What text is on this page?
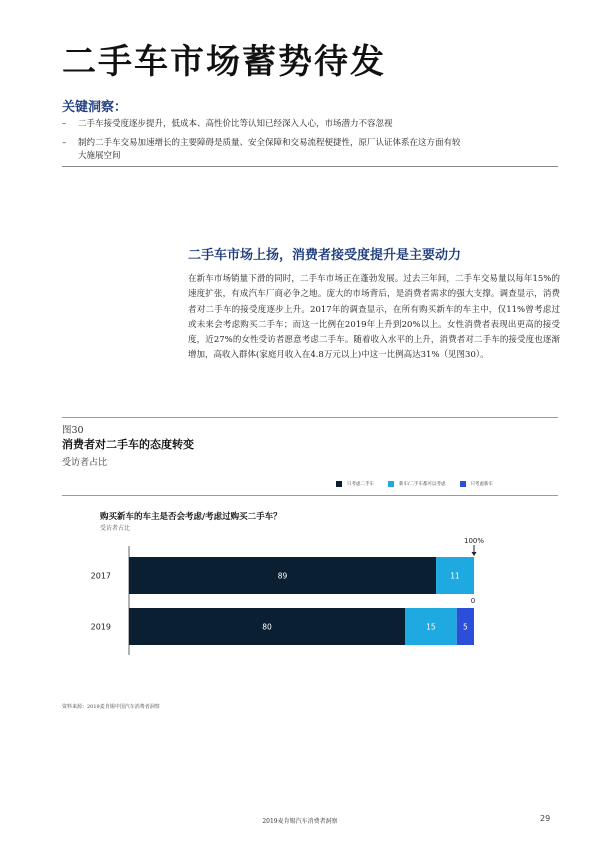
二手车市场蓄势待发
关键洞察：
– 二手车接受度逐步提升，低成本、高性价比等认知已经深入人心，市场潜力不容忽视
– 制约二手车交易加速增长的主要障碍是质量、安全保障和交易流程便捷性，原厂认证体系在这方面有较大施展空间
二手车市场上扬，消费者接受度提升是主要动力

在新车市场销量下滑的同时，二手车市场正在蓬勃发展。过去三年间，二手车交易量以每年15%的速度扩张，有成汽车厂商必争之地。庞大的市场背后，是消费者需求的强大支撑。调查显示，消费者对二手车的接受度逐步上升。2017年的调查显示，在所有购买新车的车主中，仅11%曾考虑过或未来会考虑购买二手车；而这一比例在2019年上升到20%以上。女性消费者表现出更高的接受度，近27%的女性受访者愿意考虑二手车。随着收入水平的上升，消费者对二手车的接受度也逐渐增加，高收入群体(家庭月收入在4.8万元以上)中这一比例高达31%（见图30）。

图30
消费者对二手车的态度转变
受访者占比
只考虑二手车	新车/二手车都可以考虑	只考虑新车
购买新车的车主是否会考虑/考虑过购买二手车？
受访者占比
2017	89	11
2019	80	15	5
100%
0
资料来源：2019麦肯锡中国汽车消费者洞察
2019麦肯锡汽车消费者洞察	29
